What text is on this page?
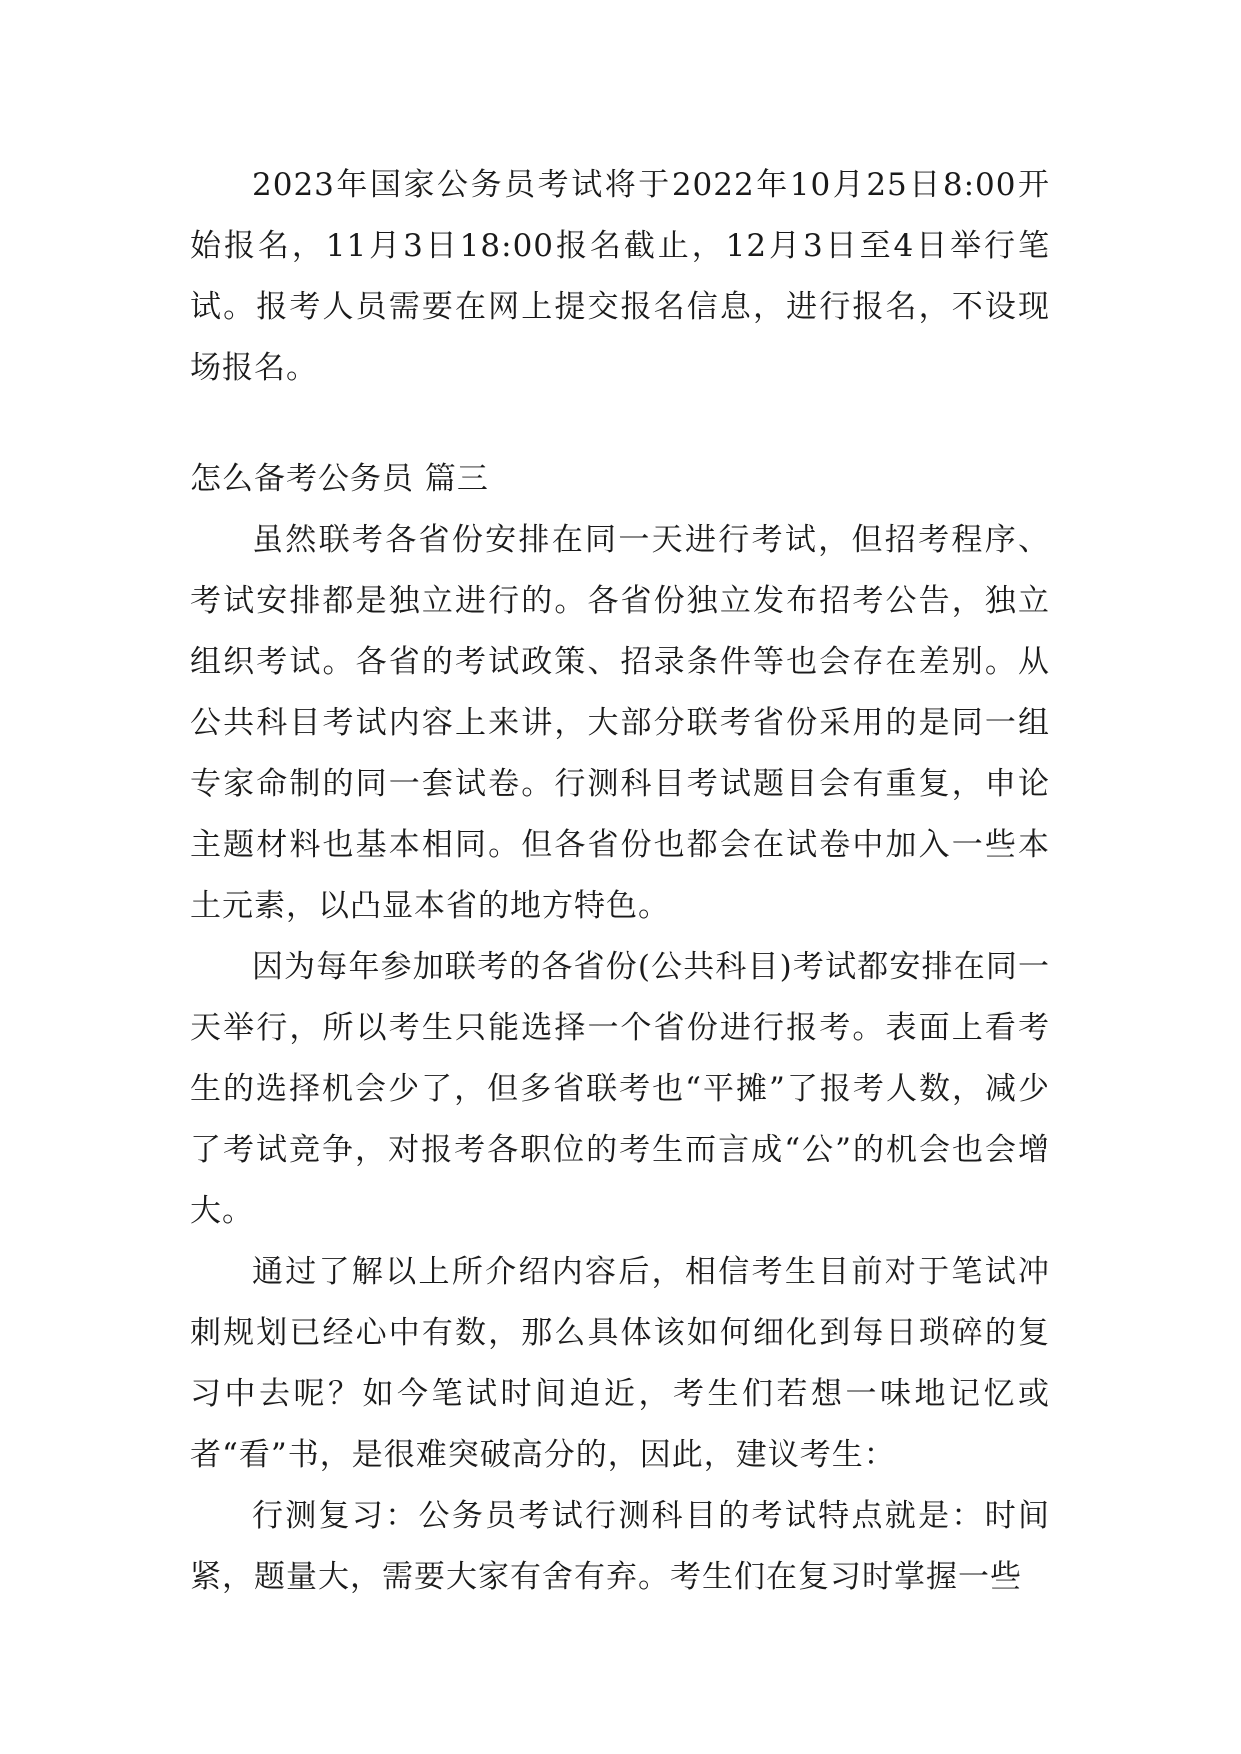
2023年国家公务员考试将于2022年10月25日8:00开始报名，11月3日18:00报名截止，12月3日至4日举行笔试。报考人员需要在网上提交报名信息，进行报名，不设现场报名。

怎么备考公务员 篇三

虽然联考各省份安排在同一天进行考试，但招考程序、考试安排都是独立进行的。各省份独立发布招考公告，独立组织考试。各省的考试政策、招录条件等也会存在差别。从公共科目考试内容上来讲，大部分联考省份采用的是同一组专家命制的同一套试卷。行测科目考试题目会有重复，申论主题材料也基本相同。但各省份也都会在试卷中加入一些本土元素，以凸显本省的地方特色。

因为每年参加联考的各省份(公共科目)考试都安排在同一天举行，所以考生只能选择一个省份进行报考。表面上看考生的选择机会少了，但多省联考也“平摊”了报考人数，减少了考试竞争，对报考各职位的考生而言成“公”的机会也会增大。

通过了解以上所介绍内容后，相信考生目前对于笔试冲刺规划已经心中有数，那么具体该如何细化到每日琐碎的复习中去呢？如今笔试时间迫近，考生们若想一味地记忆或者“看”书，是很难突破高分的，因此，建议考生：

行测复习：公务员考试行测科目的考试特点就是：时间紧，题量大，需要大家有舍有弃。考生们在复习时掌握一些
